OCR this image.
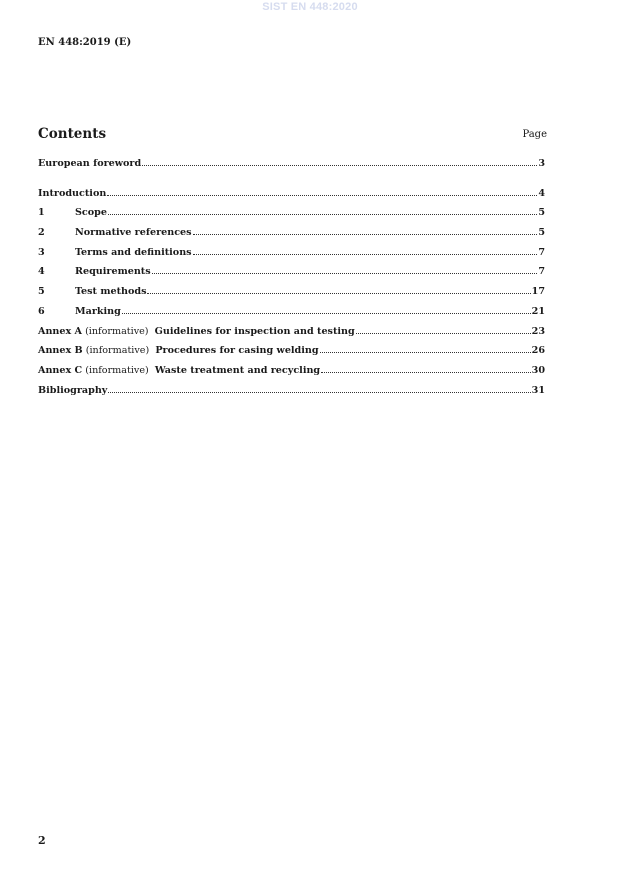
SIST EN 448:2020
EN 448:2019 (E)
Contents	Page
European foreword	3
Introduction	4
1	Scope	5
2	Normative references	5
3	Terms and definitions	7
4	Requirements	7
5	Test methods	17
6	Marking	21
Annex A (informative) Guidelines for inspection and testing	23
Annex B (informative) Procedures for casing welding	26
Annex C (informative) Waste treatment and recycling	30
Bibliography	31
2
